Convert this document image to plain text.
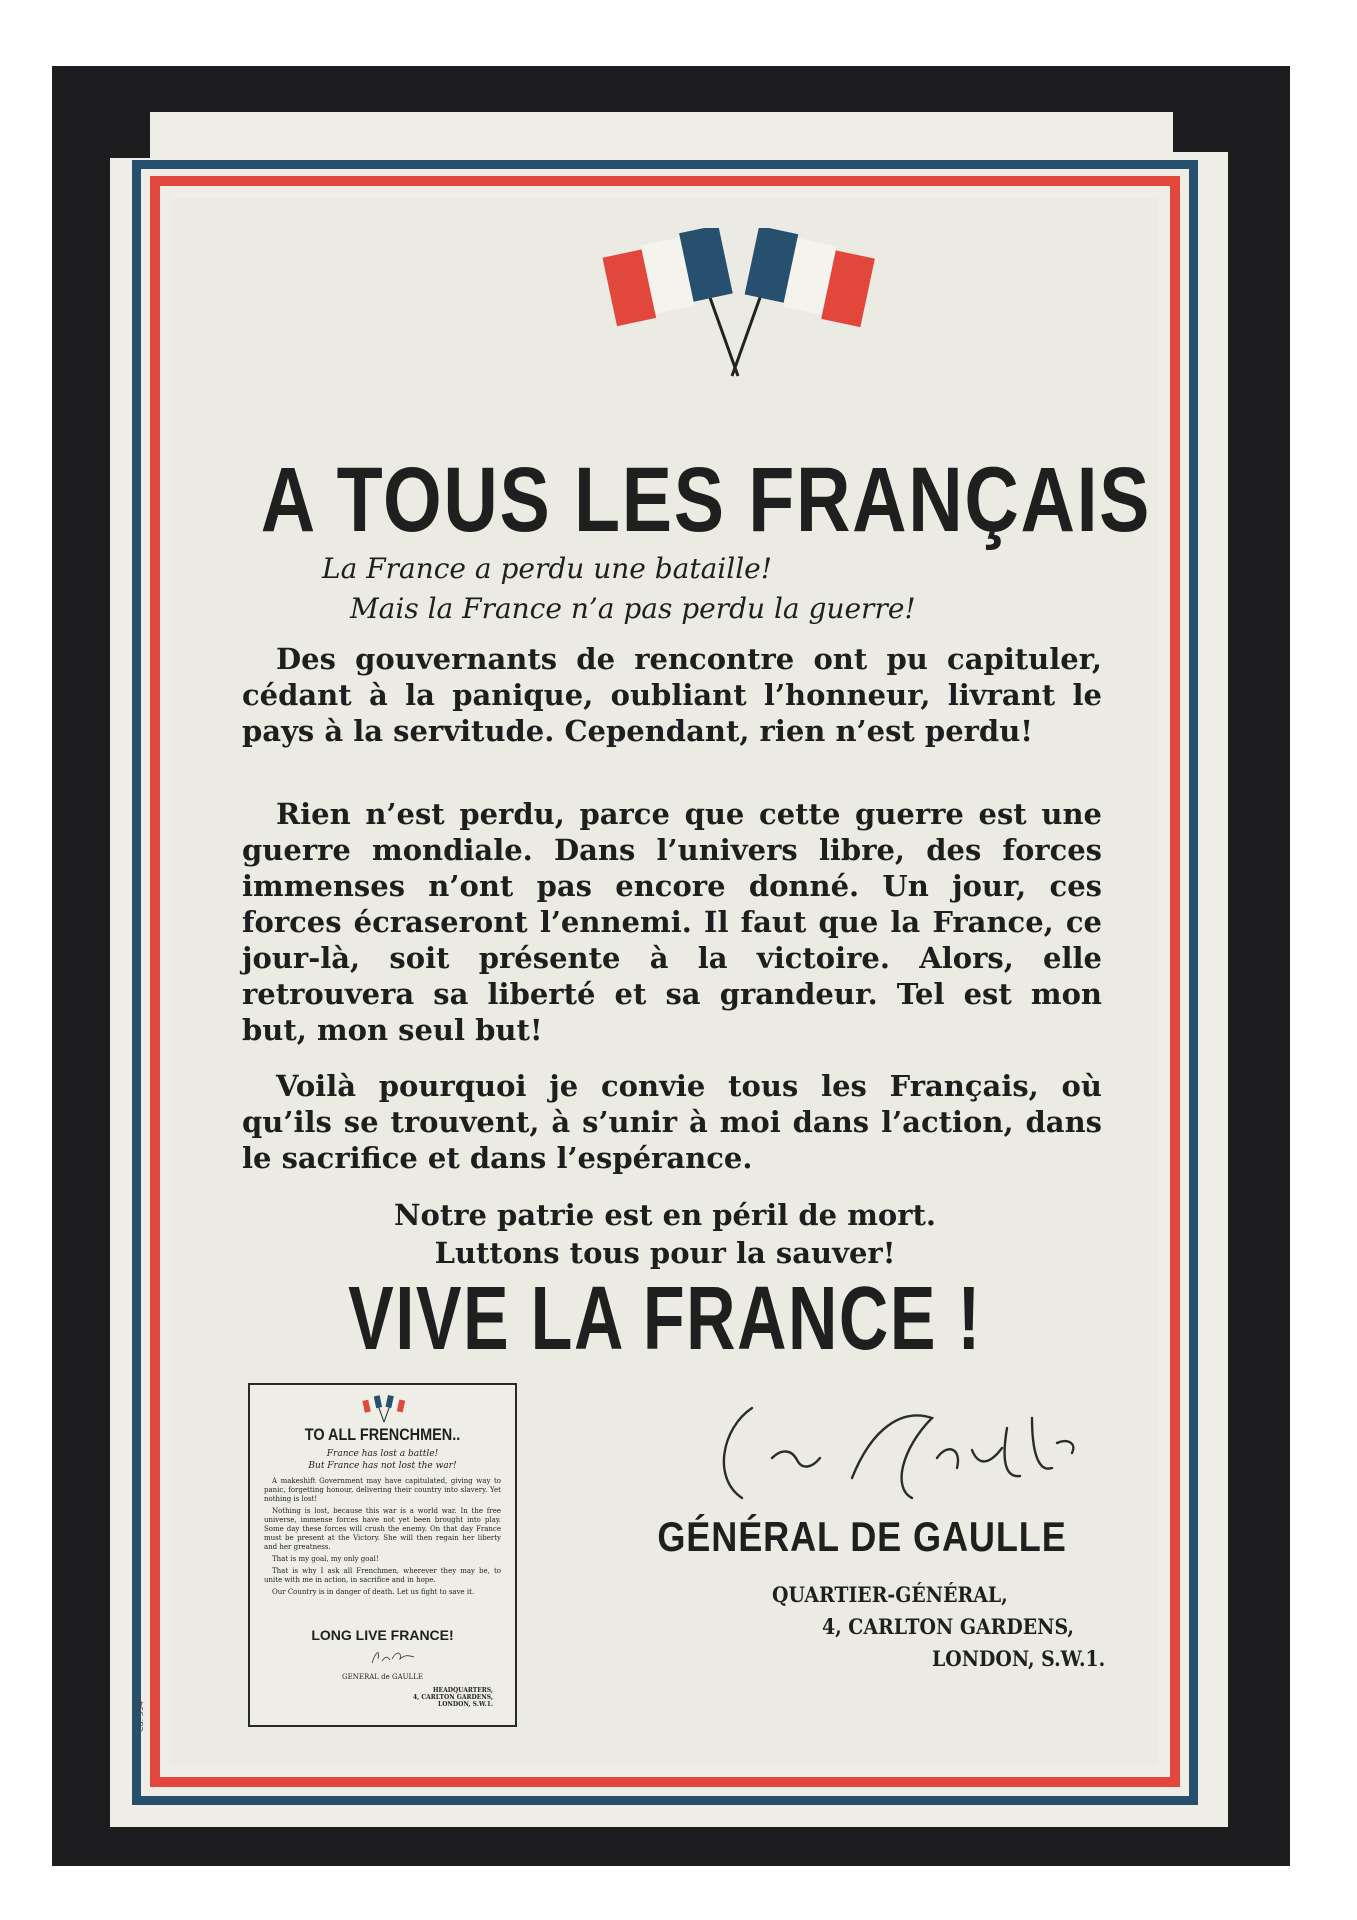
A TOUS LES FRANÇAIS
La France a perdu une bataille!
Mais la France n’a pas perdu la guerre!
Des gouvernants de rencontre ont pu capituler, cédant à la panique, oubliant l’honneur, livrant le pays à la servitude. Cependant, rien n’est perdu!
Rien n’est perdu, parce que cette guerre est une guerre mondiale. Dans l’univers libre, des forces immenses n’ont pas encore donné. Un jour, ces forces écraseront l’ennemi. Il faut que la France, ce jour-là, soit présente à la victoire. Alors, elle retrouvera sa liberté et sa grandeur. Tel est mon but, mon seul but!
Voilà pourquoi je convie tous les Français, où qu’ils se trouvent, à s’unir à moi dans l’action, dans le sacrifice et dans l’espérance.
Notre patrie est en péril de mort.
Luttons tous pour la sauver!
VIVE LA FRANCE !
TO ALL FRENCHMEN..
France has lost a battle!
But France has not lost the war!

A makeshift Government may have capitulated, giving way to panic, forgetting honour, delivering their country into slavery. Yet nothing is lost!

Nothing is lost, because this war is a world war. In the free universe, immense forces have not yet been brought into play. Some day these forces will crush the enemy. On that day France must be present at the Victory. She will then regain her liberty and her greatness.

That is my goal, my only goal!

That is why I ask all Frenchmen, wherever they may be, to unite with me in action, in sacrifice and in hope.

Our Country is in danger of death. Let us fight to save it.

LONG LIVE FRANCE!
GENERAL de GAULLE
HEADQUARTERS,
4, CARLTON GARDENS,
LONDON, S.W.1.
GÉNÉRAL DE GAULLE
QUARTIER-GÉNÉRAL,
4, CARLTON GARDENS,
LONDON, S.W.1.
Cd. 594
